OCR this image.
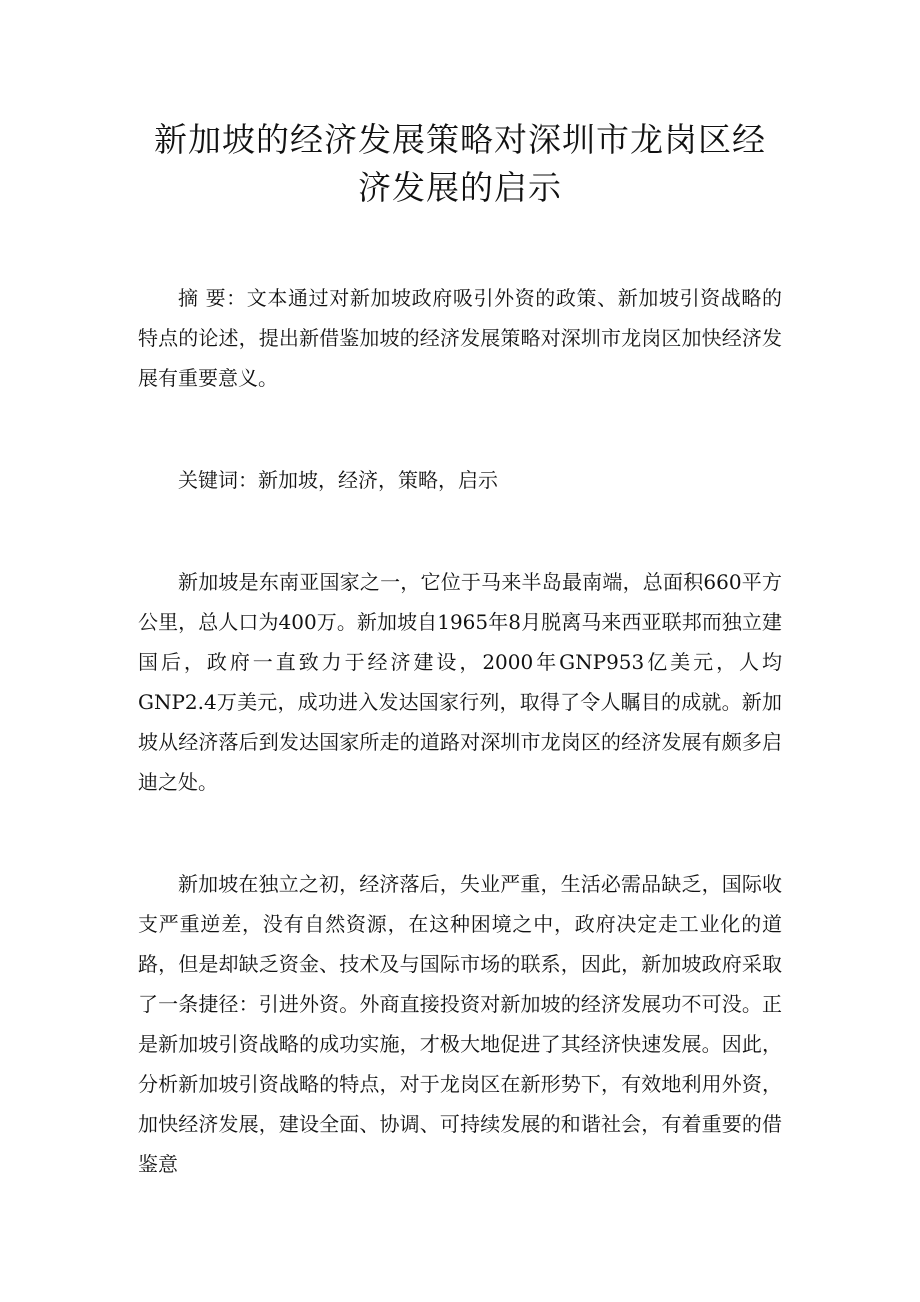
新加坡的经济发展策略对深圳市龙岗区经济发展的启示

摘 要：文本通过对新加坡政府吸引外资的政策、新加坡引资战略的特点的论述，提出新借鉴加坡的经济发展策略对深圳市龙岗区加快经济发展有重要意义。

关键词：新加坡，经济，策略，启示

新加坡是东南亚国家之一，它位于马来半岛最南端，总面积660平方公里，总人口为400万。新加坡自1965年8月脱离马来西亚联邦而独立建国后，政府一直致力于经济建设，2000年GNP953亿美元，人均GNP2.4万美元，成功进入发达国家行列，取得了令人瞩目的成就。新加坡从经济落后到发达国家所走的道路对深圳市龙岗区的经济发展有颇多启迪之处。

新加坡在独立之初，经济落后，失业严重，生活必需品缺乏，国际收支严重逆差，没有自然资源，在这种困境之中，政府决定走工业化的道路，但是却缺乏资金、技术及与国际市场的联系，因此，新加坡政府采取了一条捷径：引进外资。外商直接投资对新加坡的经济发展功不可没。正是新加坡引资战略的成功实施，才极大地促进了其经济快速发展。因此，分析新加坡引资战略的特点，对于龙岗区在新形势下，有效地利用外资，加快经济发展，建设全面、协调、可持续发展的和谐社会，有着重要的借鉴意
